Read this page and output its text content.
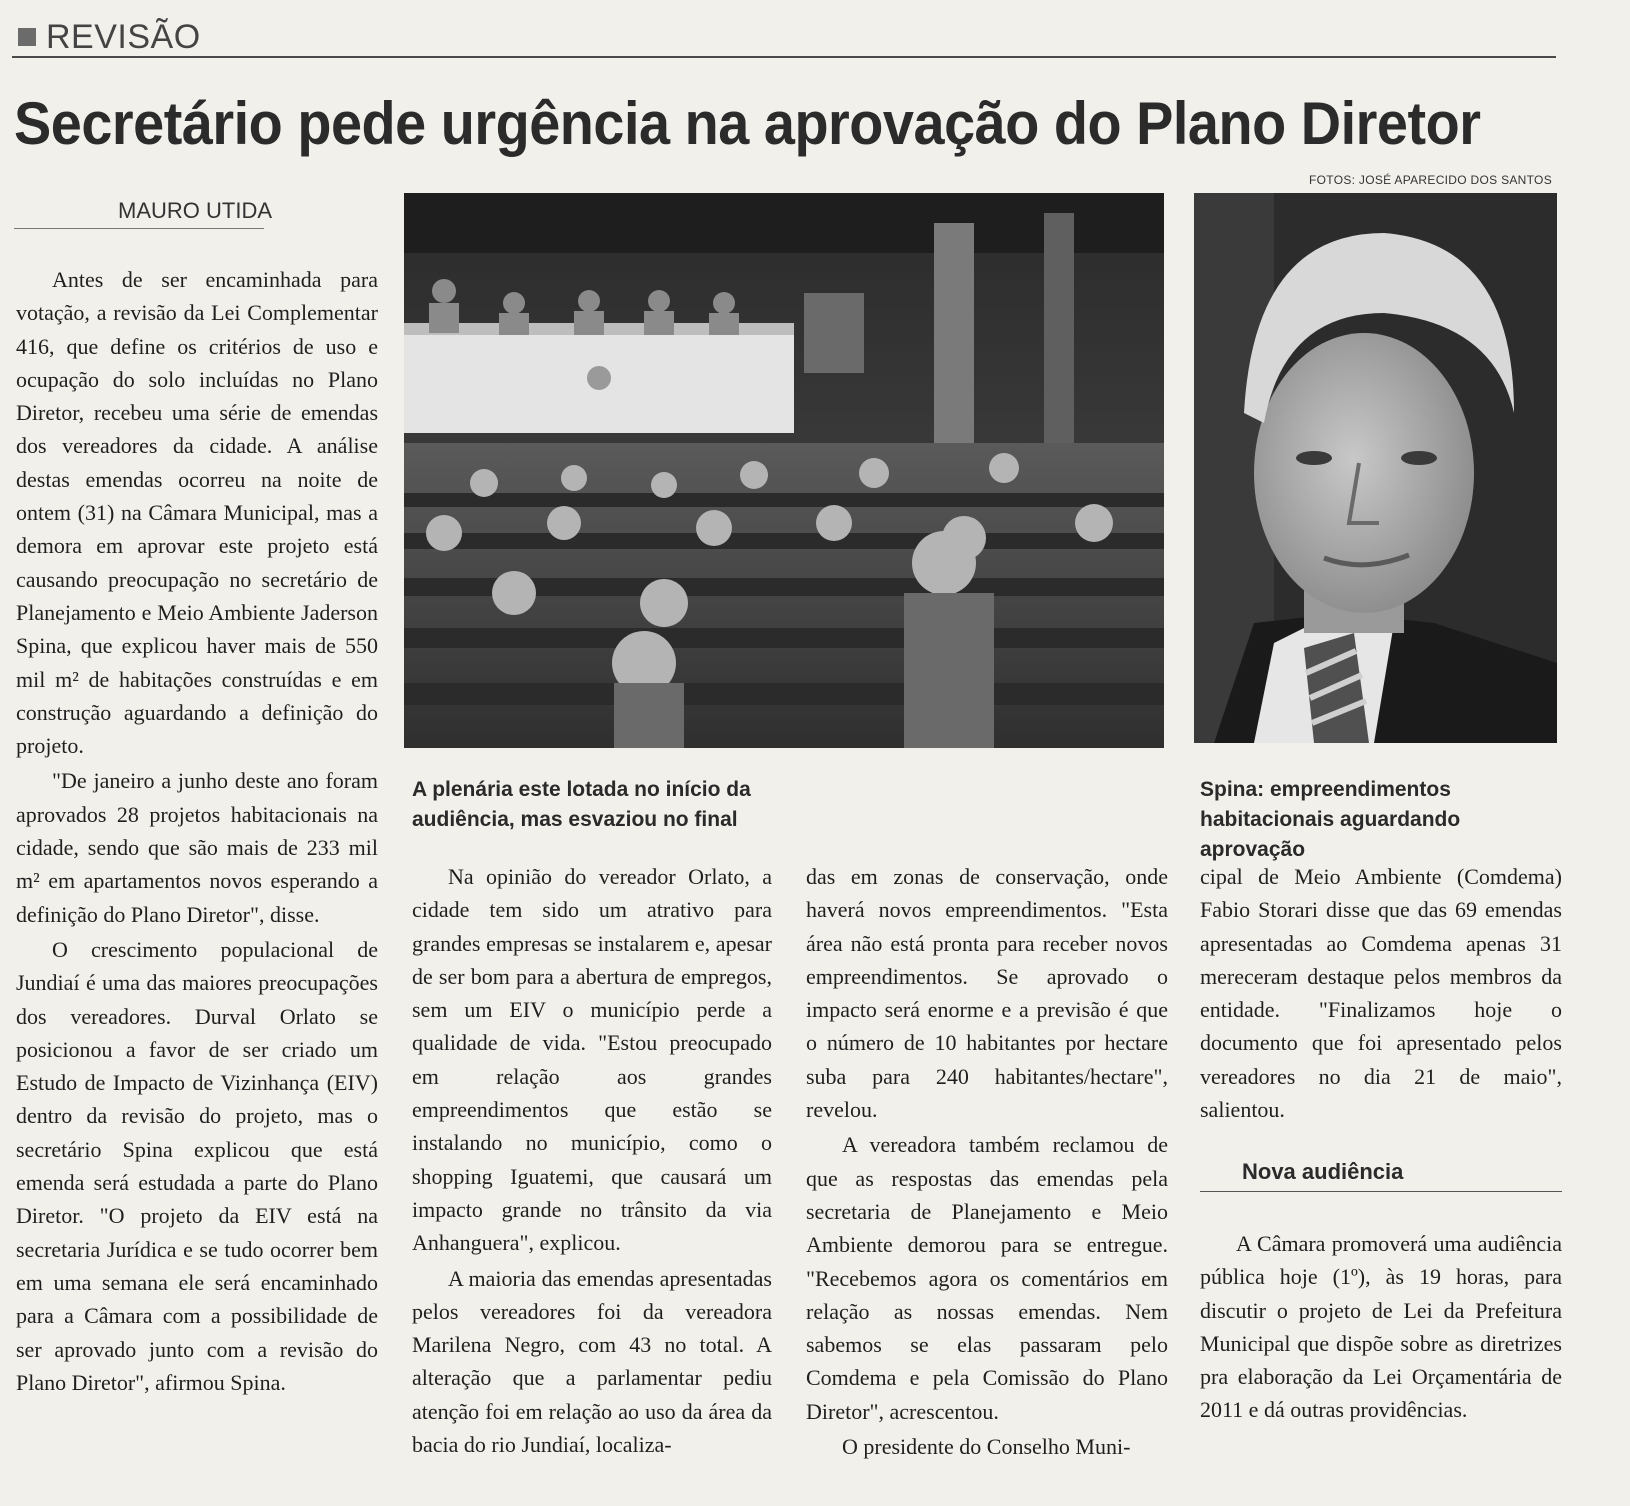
REVISÃO
Secretário pede urgência na aprovação do Plano Diretor
FOTOS: JOSÉ APARECIDO DOS SANTOS
MAURO UTIDA
A plenária este lotada no início da audiência, mas esvaziou no final
Spina: empreendimentos habitacionais aguardando aprovação

Antes de ser encaminhada para votação, a revisão da Lei Complementar 416, que define os critérios de uso e ocupação do solo incluídas no Plano Diretor, recebeu uma série de emendas dos vereadores da cidade. A análise destas emendas ocorreu na noite de ontem (31) na Câmara Municipal, mas a demora em aprovar este projeto está causando preocupação no secretário de Planejamento e Meio Ambiente Jaderson Spina, que explicou haver mais de 550 mil m² de habitações construídas e em construção aguardando a definição do projeto.

"De janeiro a junho deste ano foram aprovados 28 projetos habitacionais na cidade, sendo que são mais de 233 mil m² em apartamentos novos esperando a definição do Plano Diretor", disse.

O crescimento populacional de Jundiaí é uma das maiores preocupações dos vereadores. Durval Orlato se posicionou a favor de ser criado um Estudo de Impacto de Vizinhança (EIV) dentro da revisão do projeto, mas o secretário Spina explicou que está emenda será estudada a parte do Plano Diretor. "O projeto da EIV está na secretaria Jurídica e se tudo ocorrer bem em uma semana ele será encaminhado para a Câmara com a possibilidade de ser aprovado junto com a revisão do Plano Diretor", afirmou Spina.

Na opinião do vereador Orlato, a cidade tem sido um atrativo para grandes empresas se instalarem e, apesar de ser bom para a abertura de empregos, sem um EIV o município perde a qualidade de vida. "Estou preocupado em relação aos grandes empreendimentos que estão se instalando no município, como o shopping Iguatemi, que causará um impacto grande no trânsito da via Anhanguera", explicou.

A maioria das emendas apresentadas pelos vereadores foi da vereadora Marilena Negro, com 43 no total. A alteração que a parlamentar pediu atenção foi em relação ao uso da área da bacia do rio Jundiaí, localiza-

das em zonas de conservação, onde haverá novos empreendimentos. "Esta área não está pronta para receber novos empreendimentos. Se aprovado o impacto será enorme e a previsão é que o número de 10 habitantes por hectare suba para 240 habitantes/hectare", revelou.

A vereadora também reclamou de que as respostas das emendas pela secretaria de Planejamento e Meio Ambiente demorou para se entregue. "Recebemos agora os comentários em relação as nossas emendas. Nem sabemos se elas passaram pelo Comdema e pela Comissão do Plano Diretor", acrescentou.

O presidente do Conselho Muni-

cipal de Meio Ambiente (Comdema) Fabio Storari disse que das 69 emendas apresentadas ao Comdema apenas 31 mereceram destaque pelos membros da entidade. "Finalizamos hoje o documento que foi apresentado pelos vereadores no dia 21 de maio", salientou.

Nova audiência

A Câmara promoverá uma audiência pública hoje (1º), às 19 horas, para discutir o projeto de Lei da Prefeitura Municipal que dispõe sobre as diretrizes pra elaboração da Lei Orçamentária de 2011 e dá outras providências.
